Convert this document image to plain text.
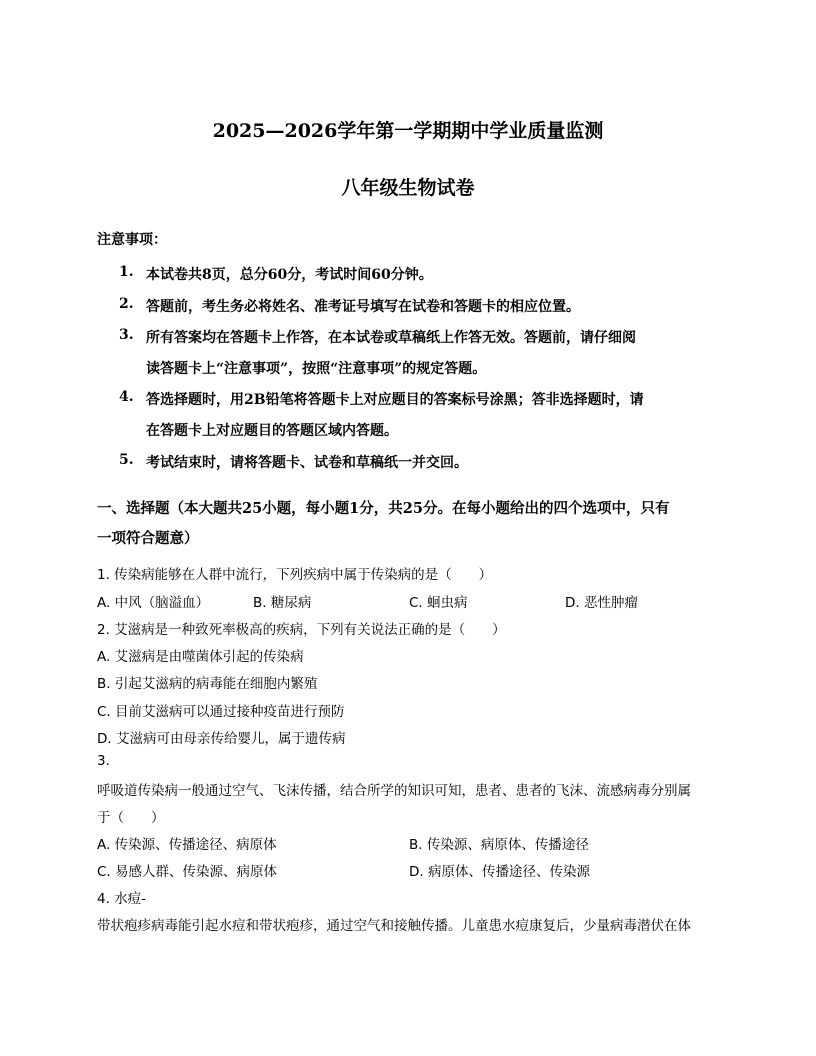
2025—2026学年第一学期期中学业质量监测
八年级生物试卷
注意事项：
1. 本试卷共8页，总分60分，考试时间60分钟。
2. 答题前，考生务必将姓名、准考证号填写在试卷和答题卡的相应位置。
3. 所有答案均在答题卡上作答，在本试卷或草稿纸上作答无效。答题前，请仔细阅
读答题卡上“注意事项”，按照“注意事项”的规定答题。
4. 答选择题时，用2B铅笔将答题卡上对应题目的答案标号涂黑；答非选择题时，请
在答题卡上对应题目的答题区域内答题。
5. 考试结束时，请将答题卡、试卷和草稿纸一并交回。
一、选择题（本大题共25小题，每小题1分，共25分。在每小题给出的四个选项中，只有
一项符合题意）
1. 传染病能够在人群中流行，下列疾病中属于传染病的是（　　）
A. 中风（脑溢血）	B. 糖尿病	C. 蛔虫病	D. 恶性肿瘤
2. 艾滋病是一种致死率极高的疾病，下列有关说法正确的是（　　）
A. 艾滋病是由噬菌体引起的传染病
B. 引起艾滋病的病毒能在细胞内繁殖
C. 目前艾滋病可以通过接种疫苗进行预防
D. 艾滋病可由母亲传给婴儿，属于遗传病
3.
呼吸道传染病一般通过空气、飞沫传播，结合所学的知识可知，患者、患者的飞沫、流感病毒分别属
于（　　）
A. 传染源、传播途径、病原体	B. 传染源、病原体、传播途径
C. 易感人群、传染源、病原体	D. 病原体、传播途径、传染源
4. 水痘-
带状疱疹病毒能引起水痘和带状疱疹，通过空气和接触传播。儿童患水痘康复后，少量病毒潜伏在体
